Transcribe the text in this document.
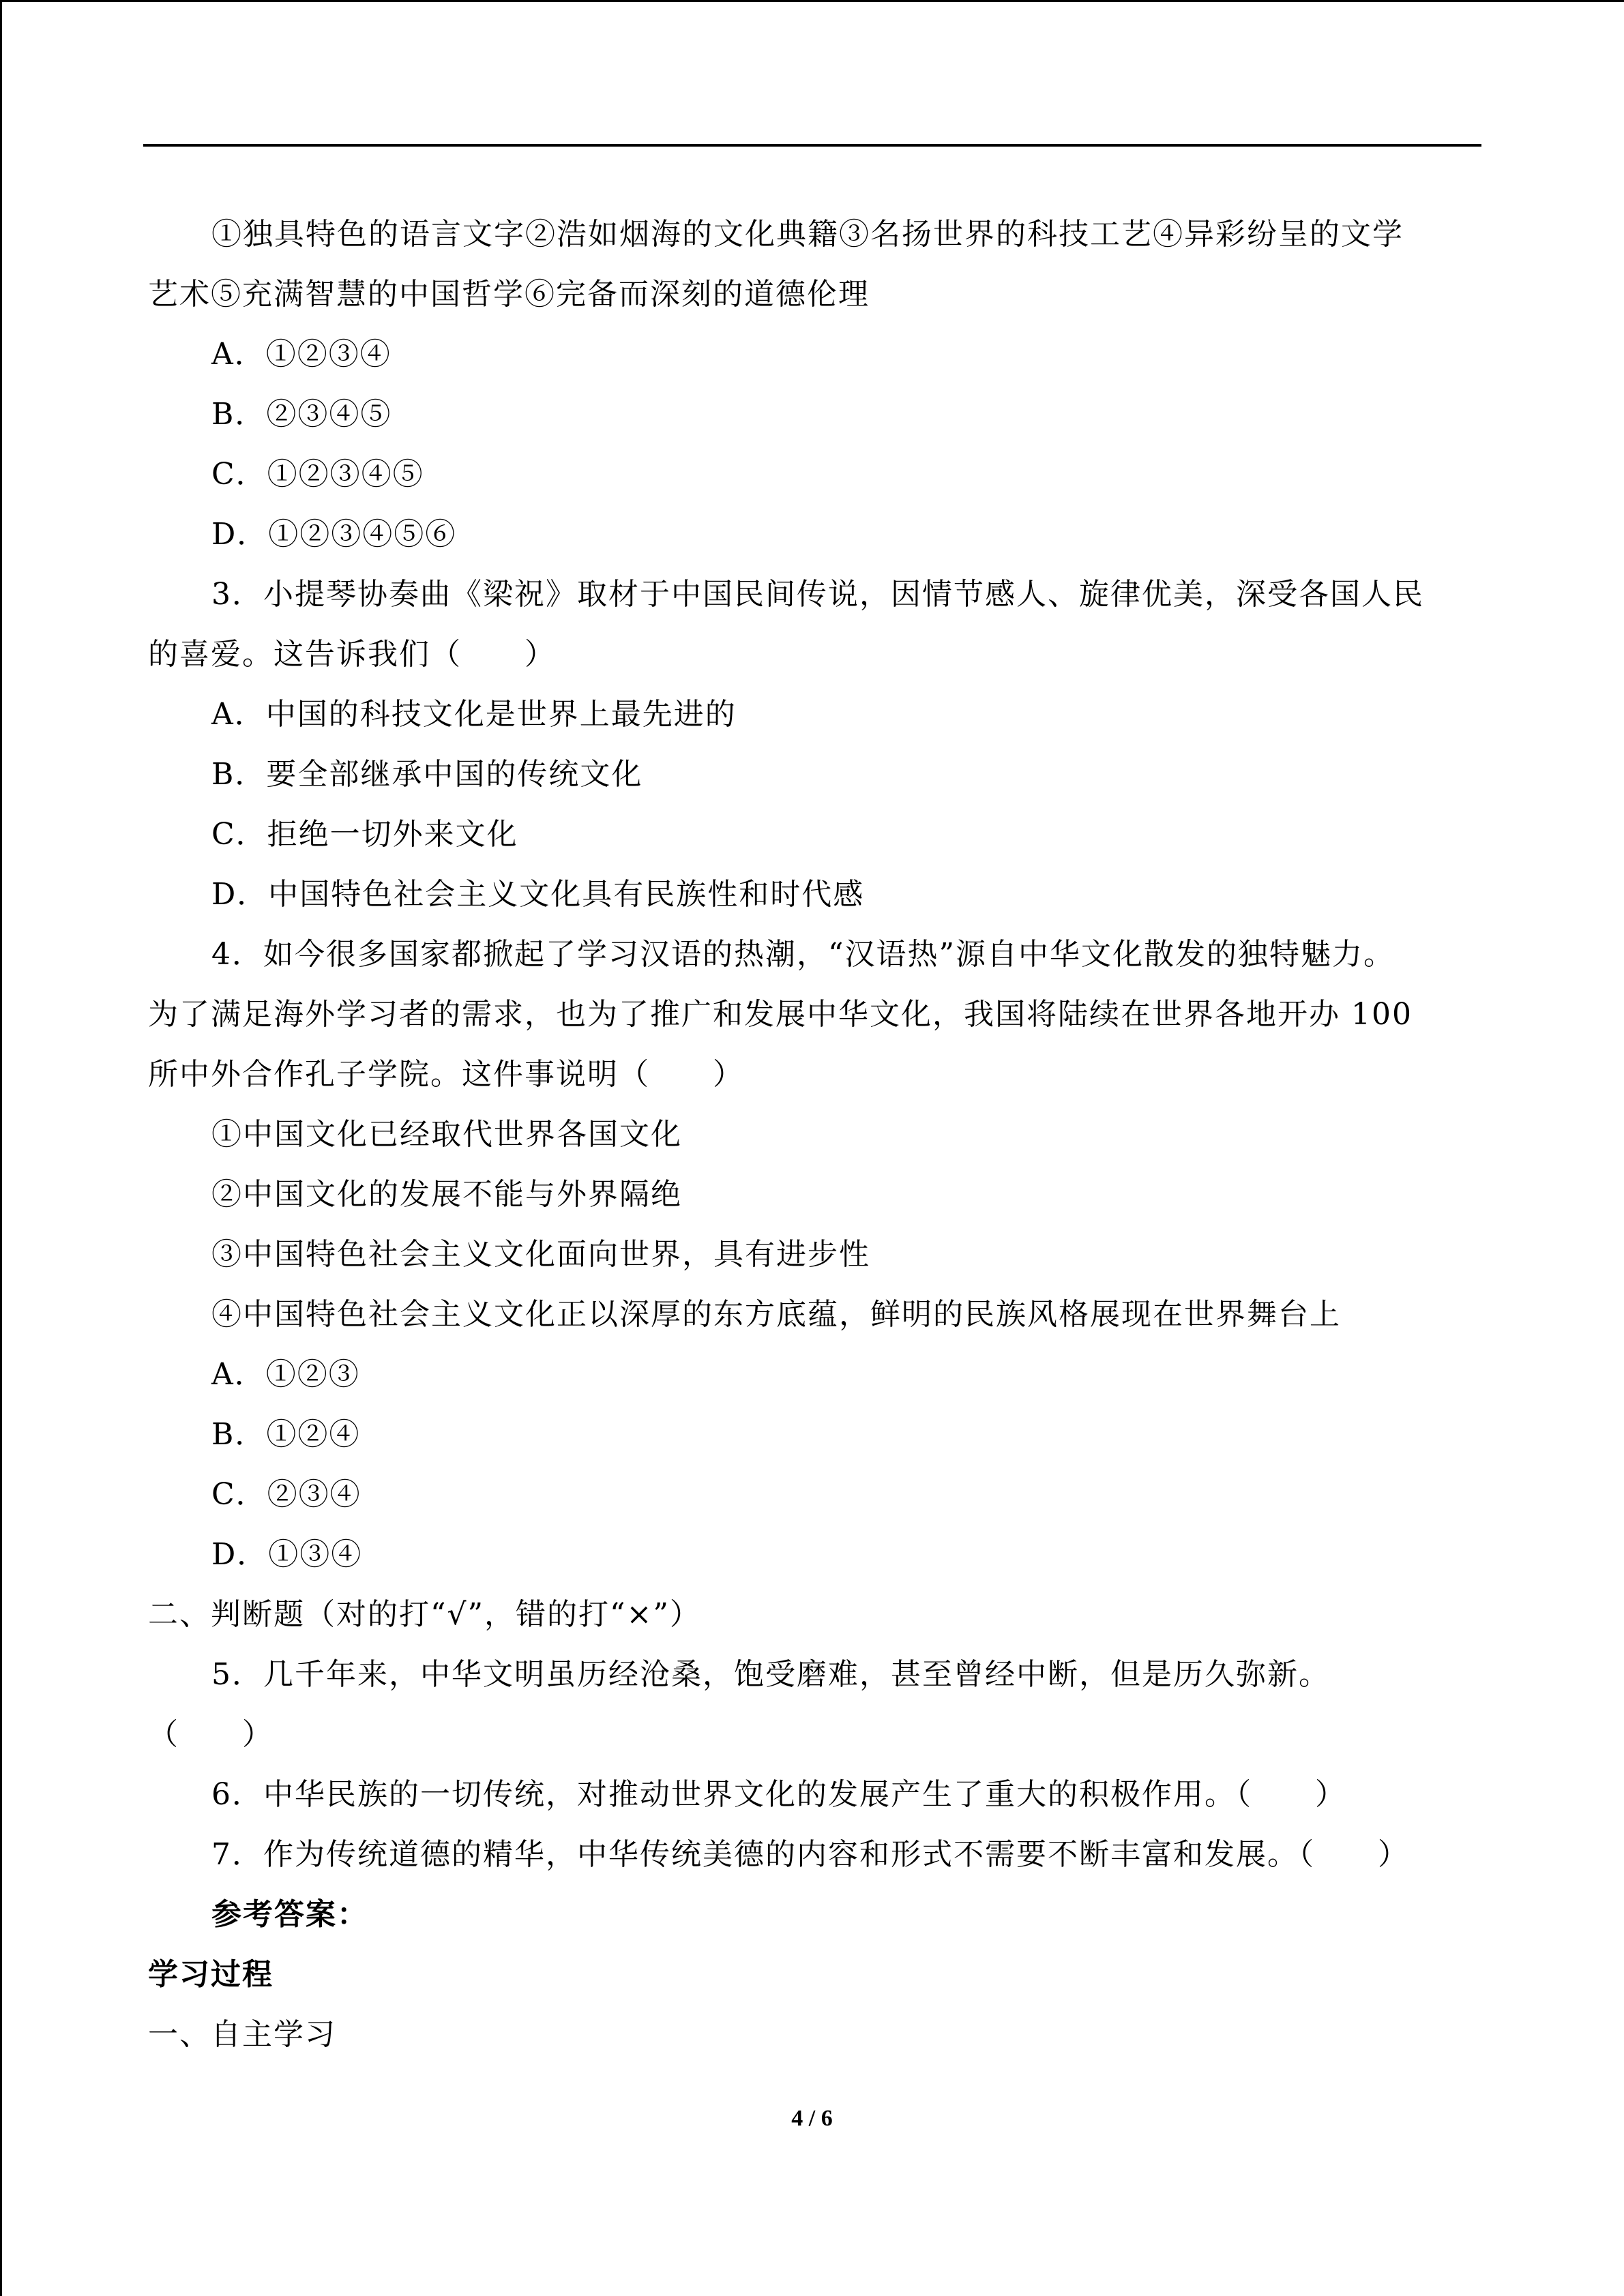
①独具特色的语言文字②浩如烟海的文化典籍③名扬世界的科技工艺④异彩纷呈的文学
艺术⑤充满智慧的中国哲学⑥完备而深刻的道德伦理
A．①②③④
B．②③④⑤
C．①②③④⑤
D．①②③④⑤⑥
3．小提琴协奏曲《梁祝》取材于中国民间传说，因情节感人、旋律优美，深受各国人民
的喜爱。这告诉我们（　　）
A．中国的科技文化是世界上最先进的
B．要全部继承中国的传统文化
C．拒绝一切外来文化
D．中国特色社会主义文化具有民族性和时代感
4．如今很多国家都掀起了学习汉语的热潮，“汉语热”源自中华文化散发的独特魅力。
为了满足海外学习者的需求，也为了推广和发展中华文化，我国将陆续在世界各地开办 100
所中外合作孔子学院。这件事说明（　　）
①中国文化已经取代世界各国文化
②中国文化的发展不能与外界隔绝
③中国特色社会主义文化面向世界，具有进步性
④中国特色社会主义文化正以深厚的东方底蕴，鲜明的民族风格展现在世界舞台上
A．①②③
B．①②④
C．②③④
D．①③④
二、判断题（对的打“√”，错的打“×”）
5．几千年来，中华文明虽历经沧桑，饱受磨难，甚至曾经中断，但是历久弥新。
（　　）
6．中华民族的一切传统，对推动世界文化的发展产生了重大的积极作用。（　　）
7．作为传统道德的精华，中华传统美德的内容和形式不需要不断丰富和发展。（　　）
参考答案：
学习过程
一、自主学习
4 / 6
